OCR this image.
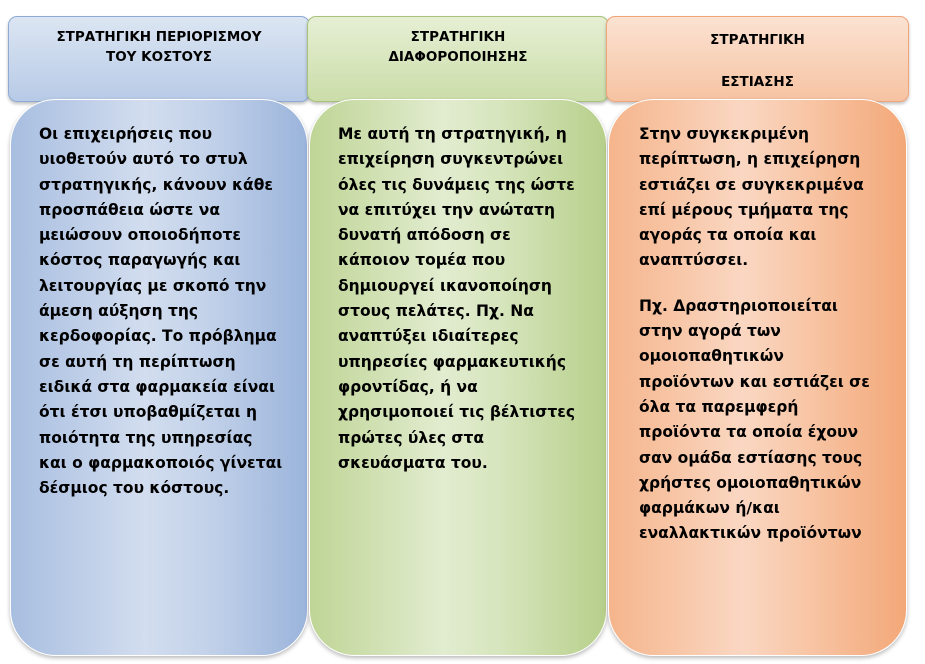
ΣΤΡΑΤΗΓΙΚΗ ΠΕΡΙΟΡΙΣΜΟΥ
ΤΟΥ ΚΟΣΤΟΥΣ

Οι επιχειρήσεις που υιοθετούν αυτό το στυλ στρατηγικής, κάνουν κάθε προσπάθεια ώστε να μειώσουν οποιοδήποτε κόστος παραγωγής και λειτουργίας με σκοπό την άμεση αύξηση της κερδοφορίας. Το πρόβλημα σε αυτή τη περίπτωση ειδικά στα φαρμακεία είναι ότι έτσι υποβαθμίζεται η ποιότητα της υπηρεσίας και ο φαρμακοποιός γίνεται δέσμιος του κόστους.

ΣΤΡΑΤΗΓΙΚΗ
ΔΙΑΦΟΡΟΠΟΙΗΣΗΣ

Με αυτή τη στρατηγική, η επιχείρηση συγκεντρώνει όλες τις δυνάμεις της ώστε να επιτύχει την ανώτατη δυνατή απόδοση σε κάποιον τομέα που δημιουργεί ικανοποίηση στους πελάτες. Πχ. Να αναπτύξει ιδιαίτερες υπηρεσίες φαρμακευτικής φροντίδας, ή να χρησιμοποιεί τις βέλτιστες πρώτες ύλες στα σκευάσματα του.

ΣΤΡΑΤΗΓΙΚΗ
ΕΣΤΙΑΣΗΣ

Στην συγκεκριμένη περίπτωση, η επιχείρηση εστιάζει σε συγκεκριμένα επί μέρους τμήματα της αγοράς τα οποία και αναπτύσσει.

Πχ. Δραστηριοποιείται στην αγορά των ομοιοπαθητικών προϊόντων και εστιάζει σε όλα τα παρεμφερή προϊόντα τα οποία έχουν σαν ομάδα εστίασης τους χρήστες ομοιοπαθητικών φαρμάκων ή/και εναλλακτικών προϊόντων
